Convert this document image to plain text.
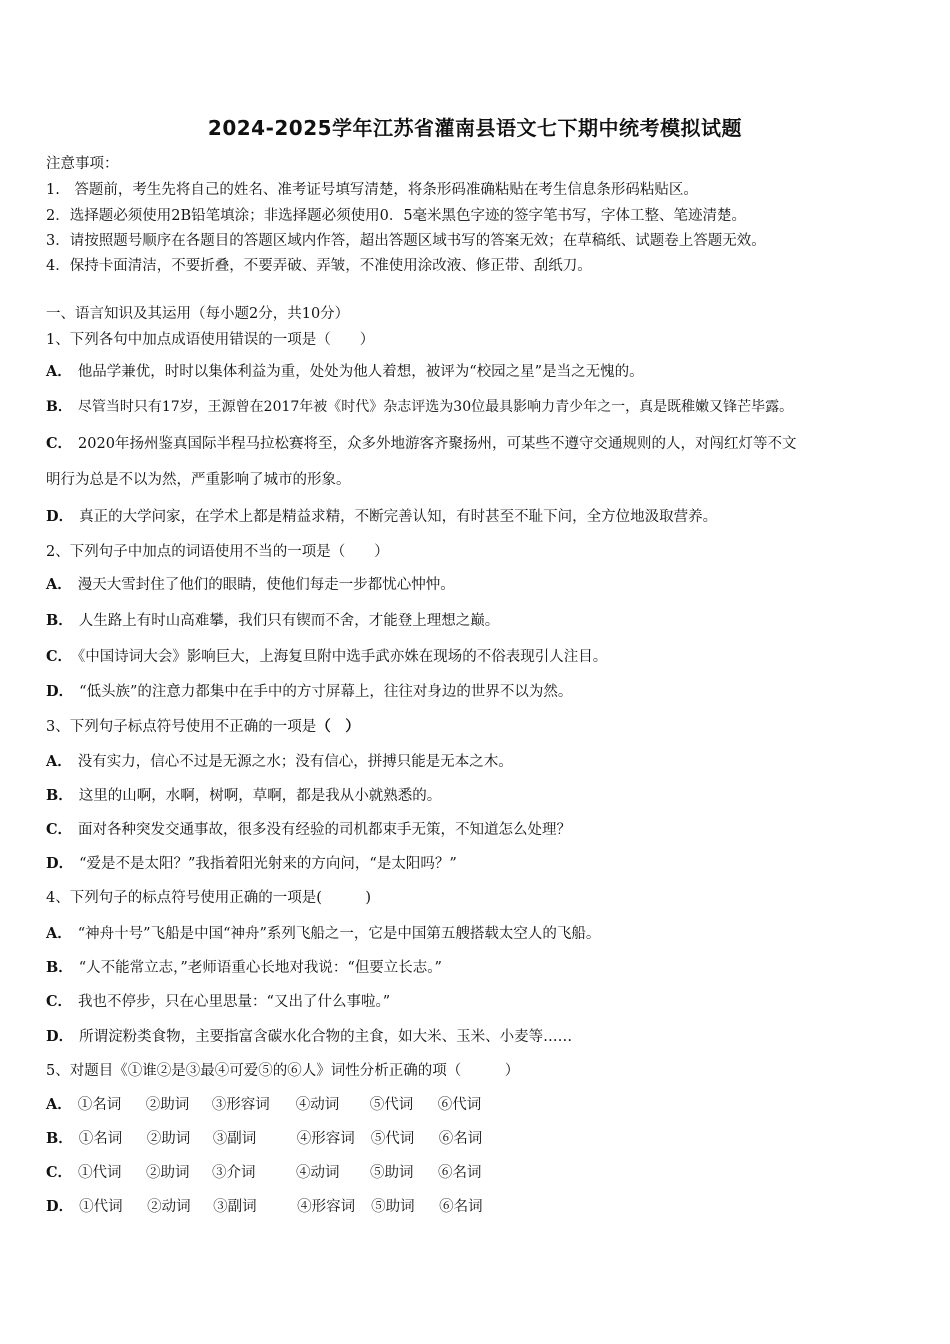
2024-2025学年江苏省灌南县语文七下期中统考模拟试题
注意事项：
1.　答题前，考生先将自己的姓名、准考证号填写清楚，将条形码准确粘贴在考生信息条形码粘贴区。
2．选择题必须使用2B铅笔填涂；非选择题必须使用0．5毫米黑色字迹的签字笔书写，字体工整、笔迹清楚。
3．请按照题号顺序在各题目的答题区域内作答，超出答题区域书写的答案无效；在草稿纸、试题卷上答题无效。
4．保持卡面清洁，不要折叠，不要弄破、弄皱，不准使用涂改液、修正带、刮纸刀。
一、语言知识及其运用（每小题2分，共10分）
1、下列各句中加点成语使用错误的一项是（　　）
A． 他品学兼优，时时以集体利益为重，处处为他人着想，被评为“校园之星”是当之无愧的。
B． 尽管当时只有17岁，王源曾在2017年被《时代》杂志评选为30位最具影响力青少年之一，真是既稚嫩又锋芒毕露。
C． 2020年扬州鉴真国际半程马拉松赛将至，众多外地游客齐聚扬州，可某些不遵守交通规则的人，对闯红灯等不文
明行为总是不以为然，严重影响了城市的形象。
D． 真正的大学问家，在学术上都是精益求精，不断完善认知，有时甚至不耻下问，全方位地汲取营养。
2、下列句子中加点的词语使用不当的一项是（　　）
A． 漫天大雪封住了他们的眼睛，使他们每走一步都忧心忡忡。
B． 人生路上有时山高难攀，我们只有锲而不舍，才能登上理想之巅。
C． 《中国诗词大会》影响巨大，上海复旦附中选手武亦姝在现场的不俗表现引人注目。
D． “低头族”的注意力都集中在手中的方寸屏幕上，往往对身边的世界不以为然。
3、下列句子标点符号使用不正确的一项是（　）
A． 没有实力，信心不过是无源之水；没有信心，拼搏只能是无本之木。
B． 这里的山啊，水啊，树啊，草啊，都是我从小就熟悉的。
C． 面对各种突发交通事故，很多没有经验的司机都束手无策，不知道怎么处理？
D． “爱是不是太阳？”我指着阳光射来的方向问，“是太阳吗？”
4、下列句子的标点符号使用正确的一项是(　　　)
A． “神舟十号”飞船是中国“神舟”系列飞船之一，它是中国第五艘搭载太空人的飞船。
B． “人不能常立志，”老师语重心长地对我说：“但要立长志。”
C． 我也不停步，只在心里思量：“又出了什么事啦。”
D． 所谓淀粉类食物，主要指富含碳水化合物的主食，如大米、玉米、小麦等……
5、对题目《①谁②是③最④可爱⑤的⑥人》词性分析正确的项（　　　）
A． ①名词 ②助词 ③形容词 ④动词 ⑤代词 ⑥代词
B． ①名词 ②助词 ③副词	④形容词 ⑤代词 ⑥名词
C． ①代词 ②助词 ③介词	④动词 ⑤助词 ⑥名词
D． ①代词 ②动词 ③副词	④形容词 ⑤助词 ⑥名词
